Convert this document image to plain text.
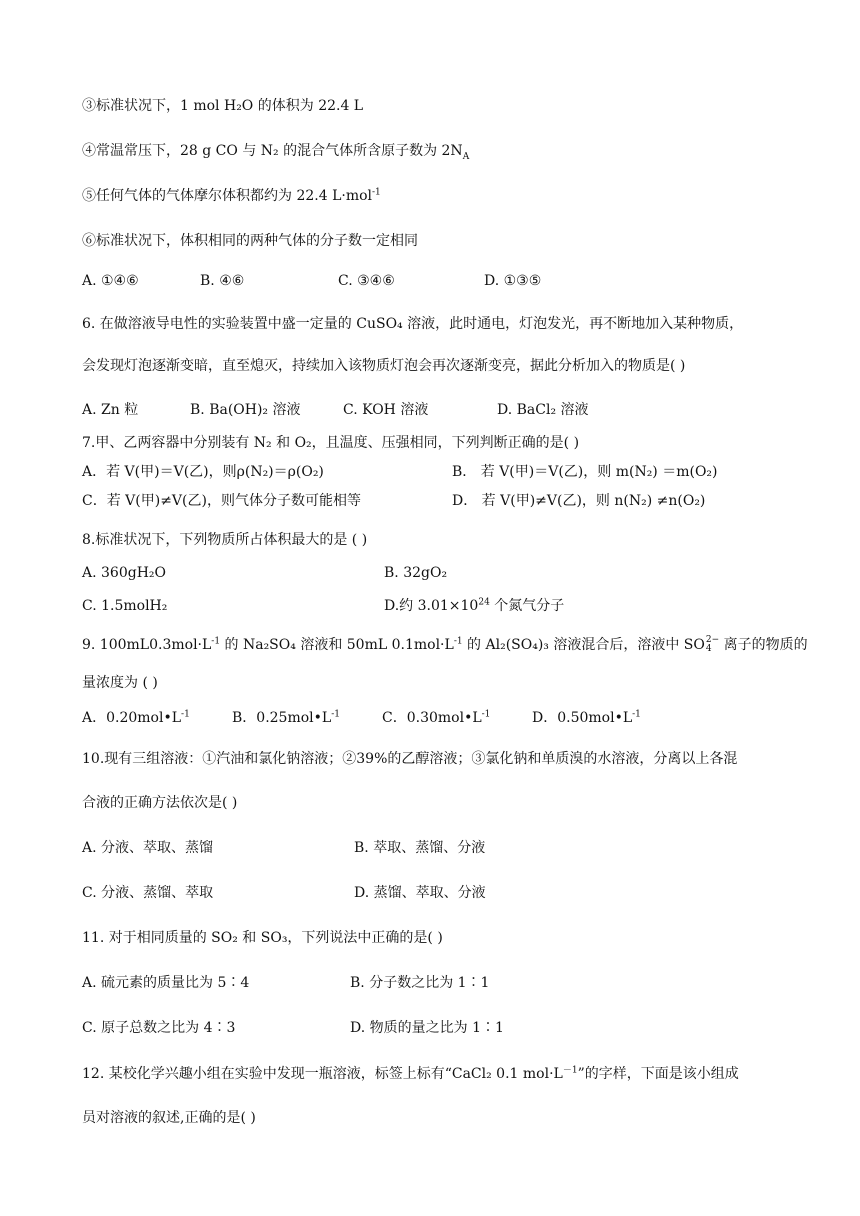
③标准状况下，1 mol H₂O 的体积为 22.4 L
④常温常压下，28 g CO 与 N₂ 的混合气体所含原子数为 $2N_A$
⑤任何气体的气体摩尔体积都约为 22.4 L·mol$^{-1}$
⑥标准状况下，体积相同的两种气体的分子数一定相同
A. ①④⑥	B. ④⑥	C. ③④⑥	D. ①③⑤
6. 在做溶液导电性的实验装置中盛一定量的 CuSO₄ 溶液，此时通电，灯泡发光，再不断地加入某种物质，
会发现灯泡逐渐变暗，直至熄灭，持续加入该物质灯泡会再次逐渐变亮，据此分析加入的物质是( )
A. Zn 粒	B. Ba(OH)₂ 溶液	C. KOH 溶液	D. BaCl₂ 溶液
7.甲、乙两容器中分别装有 N₂ 和 O₂，且温度、压强相同，下列判断正确的是( )
A．若 V(甲)＝V(乙)，则ρ(N₂)＝ρ(O₂)	B． 若 V(甲)＝V(乙)，则 m(N₂) ＝m(O₂)
C．若 V(甲)≠V(乙)，则气体分子数可能相等	D． 若 V(甲)≠V(乙)，则 n(N₂) ≠n(O₂)
8.标准状况下，下列物质所占体积最大的是 ( )
A. 360gH₂O	B. 32gO₂
C. 1.5molH₂	D.约 $3.01\times 10^{24}$ 个氮气分子
9. $100mL0.3mol\cdot L^{-1}$ 的 Na₂SO₄ 溶液和 50mL $0.1mol\cdot L^{-1}$ 的 Al₂(SO₄)₃ 溶液混合后，溶液中 SO 2−
4 离子的物质的
量浓度为 ( )
A．$0.20mol•L^{-1}$	B．$0.25mol•L^{-1}$	C．$0.30mol•L^{-1}$	D．$0.50mol•L^{-1}$
10.现有三组溶液：①汽油和氯化钠溶液；②39%的乙醇溶液；③氯化钠和单质溴的水溶液，分离以上各混
合液的正确方法依次是( )
A. 分液、萃取、蒸馏	B. 萃取、蒸馏、分液
C. 分液、蒸馏、萃取	D. 蒸馏、萃取、分液
11. 对于相同质量的 SO₂ 和 SO₃，下列说法中正确的是( )
A. 硫元素的质量比为 5∶4	B. 分子数之比为 1∶1
C. 原子总数之比为 4∶3	D. 物质的量之比为 1∶1
12. 某校化学兴趣小组在实验中发现一瓶溶液，标签上标有“CaCl₂ 0.1 $mol\cdot L^{-1}$”的字样，下面是该小组成
员对溶液的叙述,正确的是( )
